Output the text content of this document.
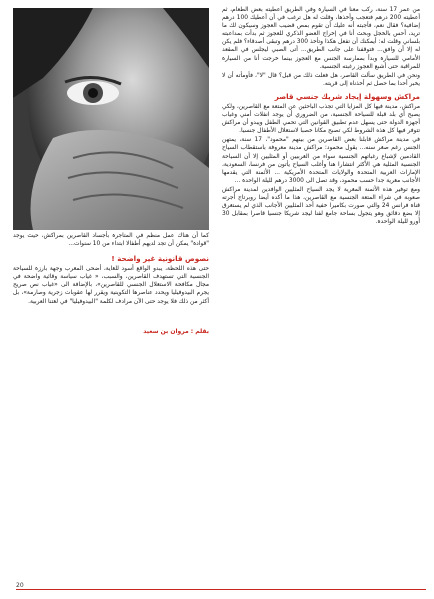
من عمر 17 سنة، ركب معنا في السيارة وفي الطريق أعطيته بعض الطعام، ثم أعطيته 200 درهم فتعجب وأخذها، وقلت له هل ترغب في أن أعطيك 100 درهم إضافية؟ فقال نعم، فأجبته أنه عليك أن تقوم بمص قضيب العجوز وسيكون لك ما تريد، أحس بالخجل وبحث أنا في إخراج العضو الذكري للعجوز ثم بدأت بمداعبته بلساني وقلت له: أيمكنك أن تفعل هكذا وتأخذ 300 درهم وتبقى أصدقاء؟ فلم يكن له إلا أن وافق... فتوقفنا على جانب الطريق... أتى الصبي ليجلس في المقعد الأمامي للسيارة وبدأ بممارسة الجنس مع العجوز بينما خرجت أنا من السيارة للمراقبة حتى أشبع العجوز رغبته الجنسية.

ونحن في الطريق سألت القاصر، هل فعلت ذلك من قبل؟ قال "لا"، فأومأته أن لا يخبر أحدا بما حصل ثم أخذناه إلى قريته.

مراكش وسهولة إيجاد شريك جنسي قاصر

مراكش، مدينة فيها كل المزايا التي تجذب الباحثين عن المتعة مع القاصرين، ولكي يصبح أي بلد قبلة للسياحة الجنسية، من الضروري أن يوجد انفلات أمني وغياب أجهزة الدولة حتى يسهل عدم تطبيق القوانين التي تحمي الطفل ويبدو أن مراكش تتوفر فيها كل هذه الشروط لكي تصبح مكانا خصبا لاستغلال الأطفال جنسيا.

في مدينة مراكش قابلنا بعض القاصرين من بينهم "محمود"، 17 سنة، يمتهن الجنس رغم صغر سنه... يقول محمود: مراكش مدينة معروفة باستقطاب السياح القادمين لإشباع رغباتهم الجنسية سواء من الغربيين أو المثليين إلا أن السياحة الجنسية المثلية هي الأكثر انتشارا هنا وأغلب السياح يأتون من فرنسا، السعودية، الإمارات العربية المتحدة والولايات المتحدة الأمريكية ... الأثمنة التي يقدمها الأجانب مغرية جدا حسب محمود، وقد تصل الى 3000 درهم لليلة الواحدة ...

ومع توفير هذه الأثمنة المغرية لا يجد السياح المثليين الوافدين لمدينة مراكش صعوبة في شراء المتعة الجنسية مع القاصرين، هذا ما أكده أيضا روبرتاج أجرته قناة فرانس 24 والتي صورت بكاميرا خفية أحد المثليين الأجانب الذي لم يستغرق إلا بضع دقائق وهو يتجول بساحة جامع لفنا ليجد شريكا جنسيا قاصرا بمقابل 30 أورو لليلة الواحدة.

كما أن هناك عمل منظم في المتاجرة بأجساد القاصرين بمراكش، حيث يوجد "قوادة" يمكن أن تجد لديهم أطفالا ابتداء من 10 سنوات...

نصوص قانونية غير واضحة !

حتى هذه اللحظة، يبدو الواقع أسود للغاية، أضحى المغرب وجهة بارزة للسياحة الجنسية التي تستهدف القاصرين، والسبب، « غياب سياسة وقائية واضحة في مجال مكافحة الاستغلال الجنسي للقاصرين»، بالإضافة الى «غياب نص صريح يجرم البيدوفيليا ويحدد عناصرها التكوينية ويقرر لها عقوبات زجرية وصارمة»، بل أكثر من ذلك فلا يوجد حتى الآن مرادف لكلمة "البيدوفيليا" في لغتنا العربية.

بقلم : مروان بن سعيد
20
